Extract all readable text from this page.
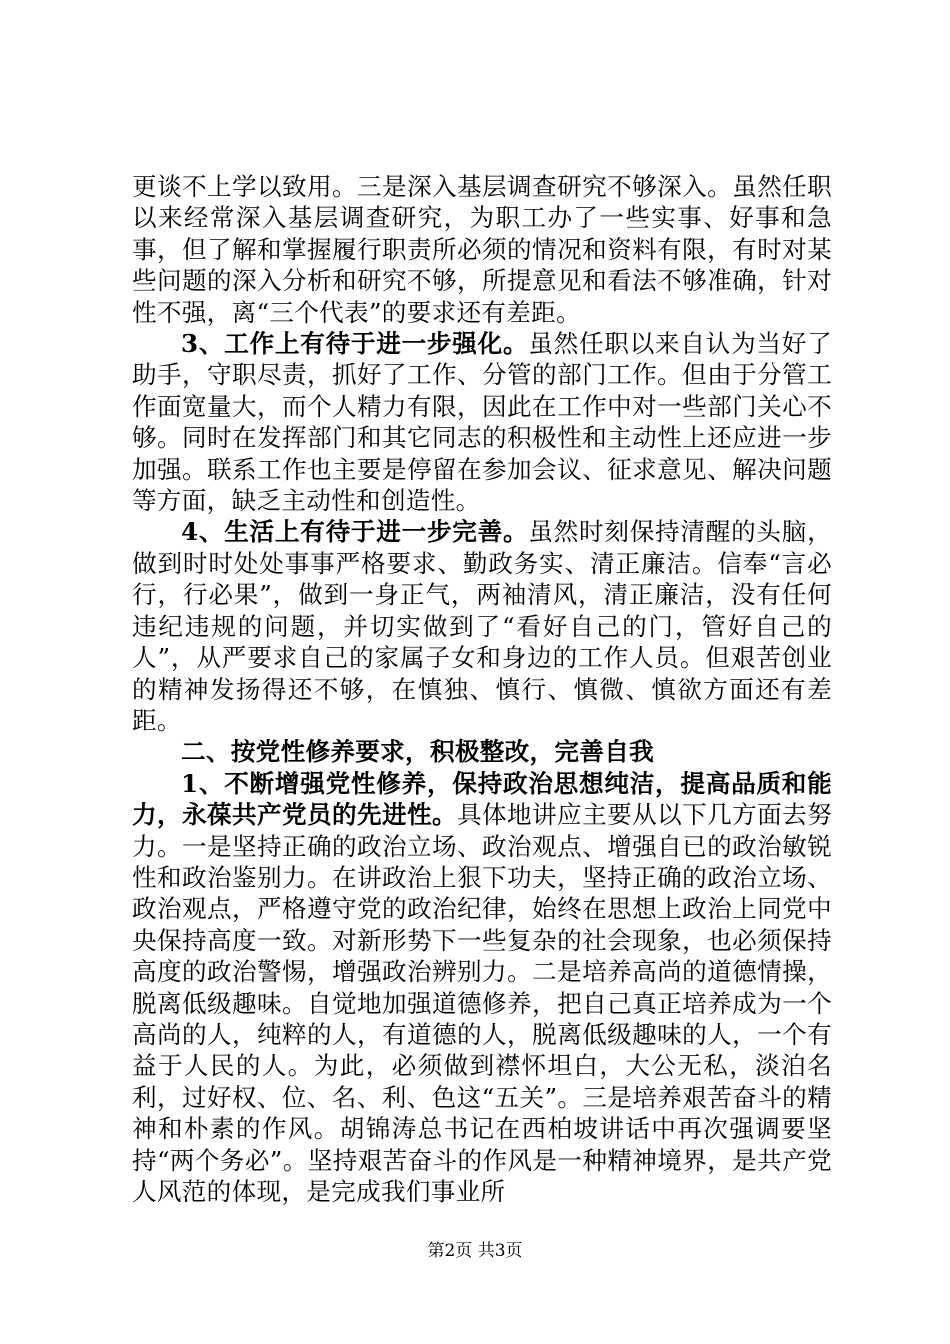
更谈不上学以致用。三是深入基层调查研究不够深入。虽然任职以来经常深入基层调查研究，为职工办了一些实事、好事和急事，但了解和掌握履行职责所必须的情况和资料有限，有时对某些问题的深入分析和研究不够，所提意见和看法不够准确，针对性不强，离“三个代表”的要求还有差距。

3、工作上有待于进一步强化。虽然任职以来自认为当好了助手，守职尽责，抓好了工作、分管的部门工作。但由于分管工作面宽量大，而个人精力有限，因此在工作中对一些部门关心不够。同时在发挥部门和其它同志的积极性和主动性上还应进一步加强。联系工作也主要是停留在参加会议、征求意见、解决问题等方面，缺乏主动性和创造性。

4、生活上有待于进一步完善。虽然时刻保持清醒的头脑，做到时时处处事事严格要求、勤政务实、清正廉洁。信奉“言必行，行必果”，做到一身正气，两袖清风，清正廉洁，没有任何违纪违规的问题，并切实做到了“看好自己的门，管好自己的人”，从严要求自己的家属子女和身边的工作人员。但艰苦创业的精神发扬得还不够，在慎独、慎行、慎微、慎欲方面还有差距。

二、按党性修养要求，积极整改，完善自我

1、不断增强党性修养，保持政治思想纯洁，提高品质和能力，永葆共产党员的先进性。具体地讲应主要从以下几方面去努力。一是坚持正确的政治立场、政治观点、增强自已的政治敏锐性和政治鉴别力。在讲政治上狠下功夫，坚持正确的政治立场、政治观点，严格遵守党的政治纪律，始终在思想上政治上同党中央保持高度一致。对新形势下一些复杂的社会现象，也必须保持高度的政治警惕，增强政治辨别力。二是培养高尚的道德情操，脱离低级趣味。自觉地加强道德修养，把自己真正培养成为一个高尚的人，纯粹的人，有道德的人，脱离低级趣味的人，一个有益于人民的人。为此，必须做到襟怀坦白，大公无私，淡泊名利，过好权、位、名、利、色这“五关”。三是培养艰苦奋斗的精神和朴素的作风。胡锦涛总书记在西柏坡讲话中再次强调要坚持“两个务必”。坚持艰苦奋斗的作风是一种精神境界，是共产党人风范的体现，是完成我们事业所

第2页 共3页
